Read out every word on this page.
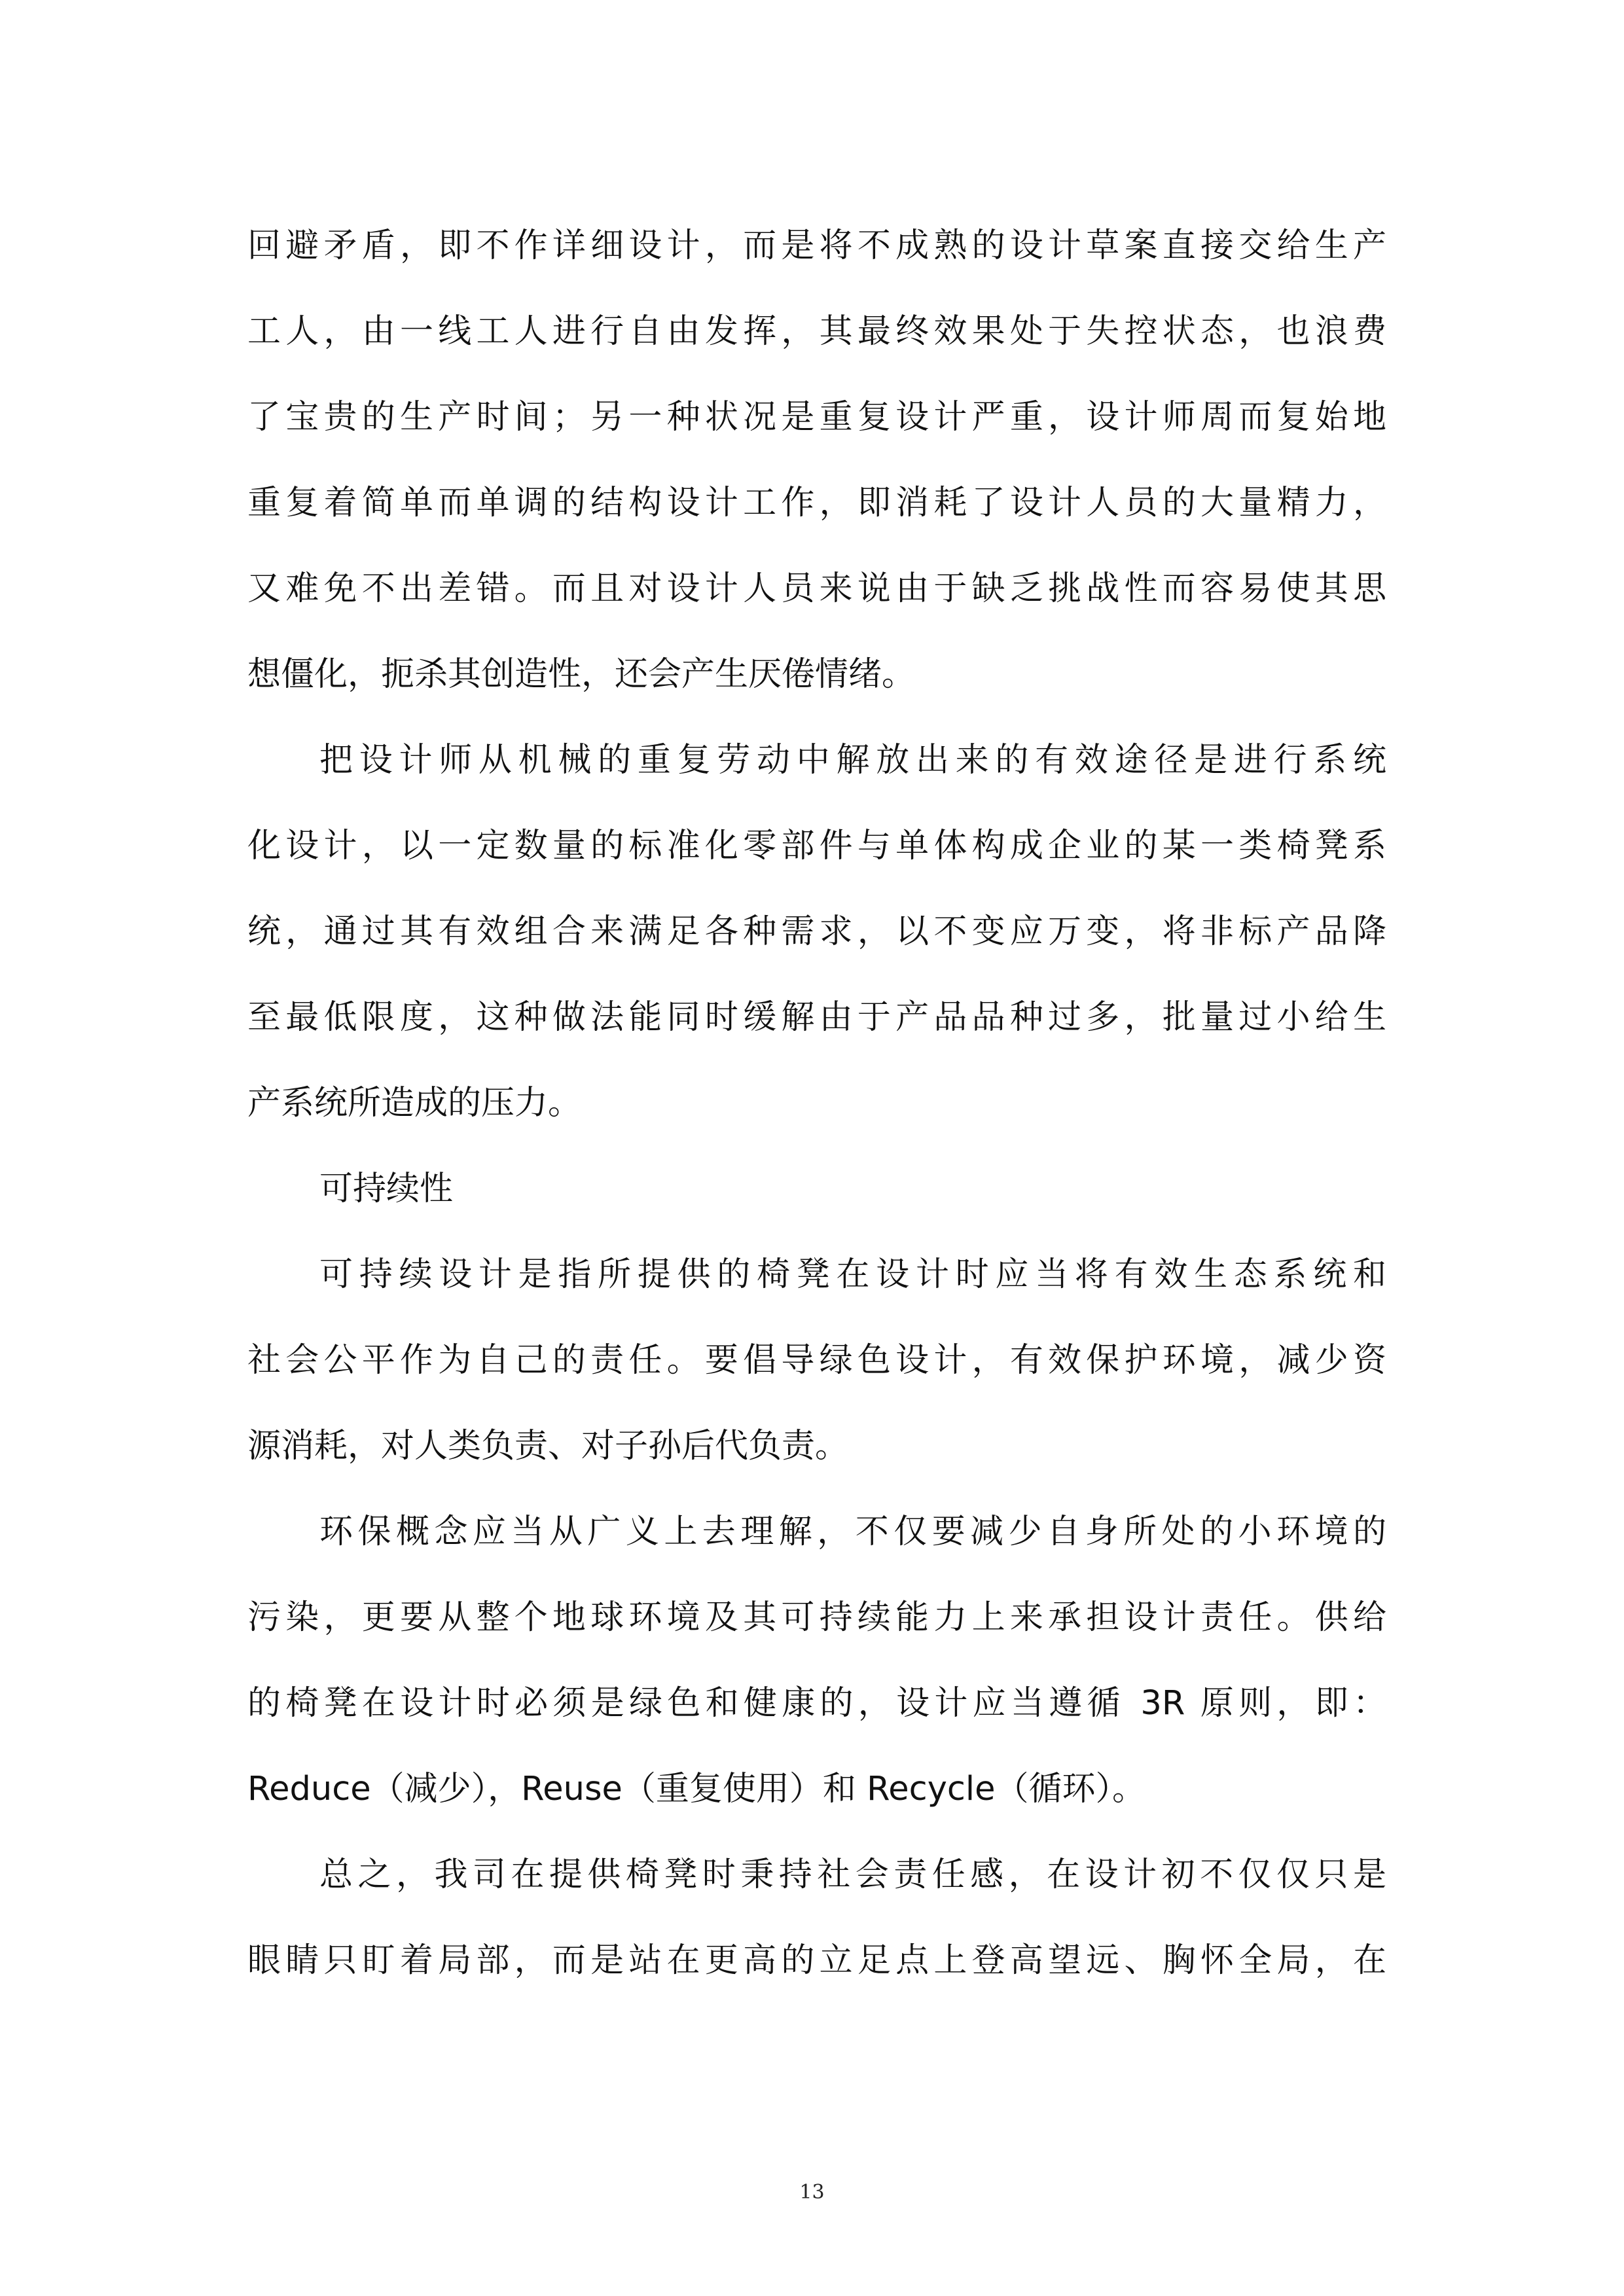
回避矛盾，即不作详细设计，而是将不成熟的设计草案直接交给生产
工人，由一线工人进行自由发挥，其最终效果处于失控状态，也浪费
了宝贵的生产时间；另一种状况是重复设计严重，设计师周而复始地
重复着简单而单调的结构设计工作，即消耗了设计人员的大量精力，
又难免不出差错。而且对设计人员来说由于缺乏挑战性而容易使其思
想僵化，扼杀其创造性，还会产生厌倦情绪。
把设计师从机械的重复劳动中解放出来的有效途径是进行系统
化设计，以一定数量的标准化零部件与单体构成企业的某一类椅凳系
统，通过其有效组合来满足各种需求，以不变应万变，将非标产品降
至最低限度，这种做法能同时缓解由于产品品种过多，批量过小给生
产系统所造成的压力。
可持续性
可持续设计是指所提供的椅凳在设计时应当将有效生态系统和
社会公平作为自己的责任。要倡导绿色设计，有效保护环境，减少资
源消耗，对人类负责、对子孙后代负责。
环保概念应当从广义上去理解，不仅要减少自身所处的小环境的
污染，更要从整个地球环境及其可持续能力上来承担设计责任。供给
的椅凳在设计时必须是绿色和健康的，设计应当遵循 3R 原则，即：
Reduce（减少），Reuse（重复使用）和 Recycle（循环）。
总之，我司在提供椅凳时秉持社会责任感，在设计初不仅仅只是
眼睛只盯着局部，而是站在更高的立足点上登高望远、胸怀全局，在
13
